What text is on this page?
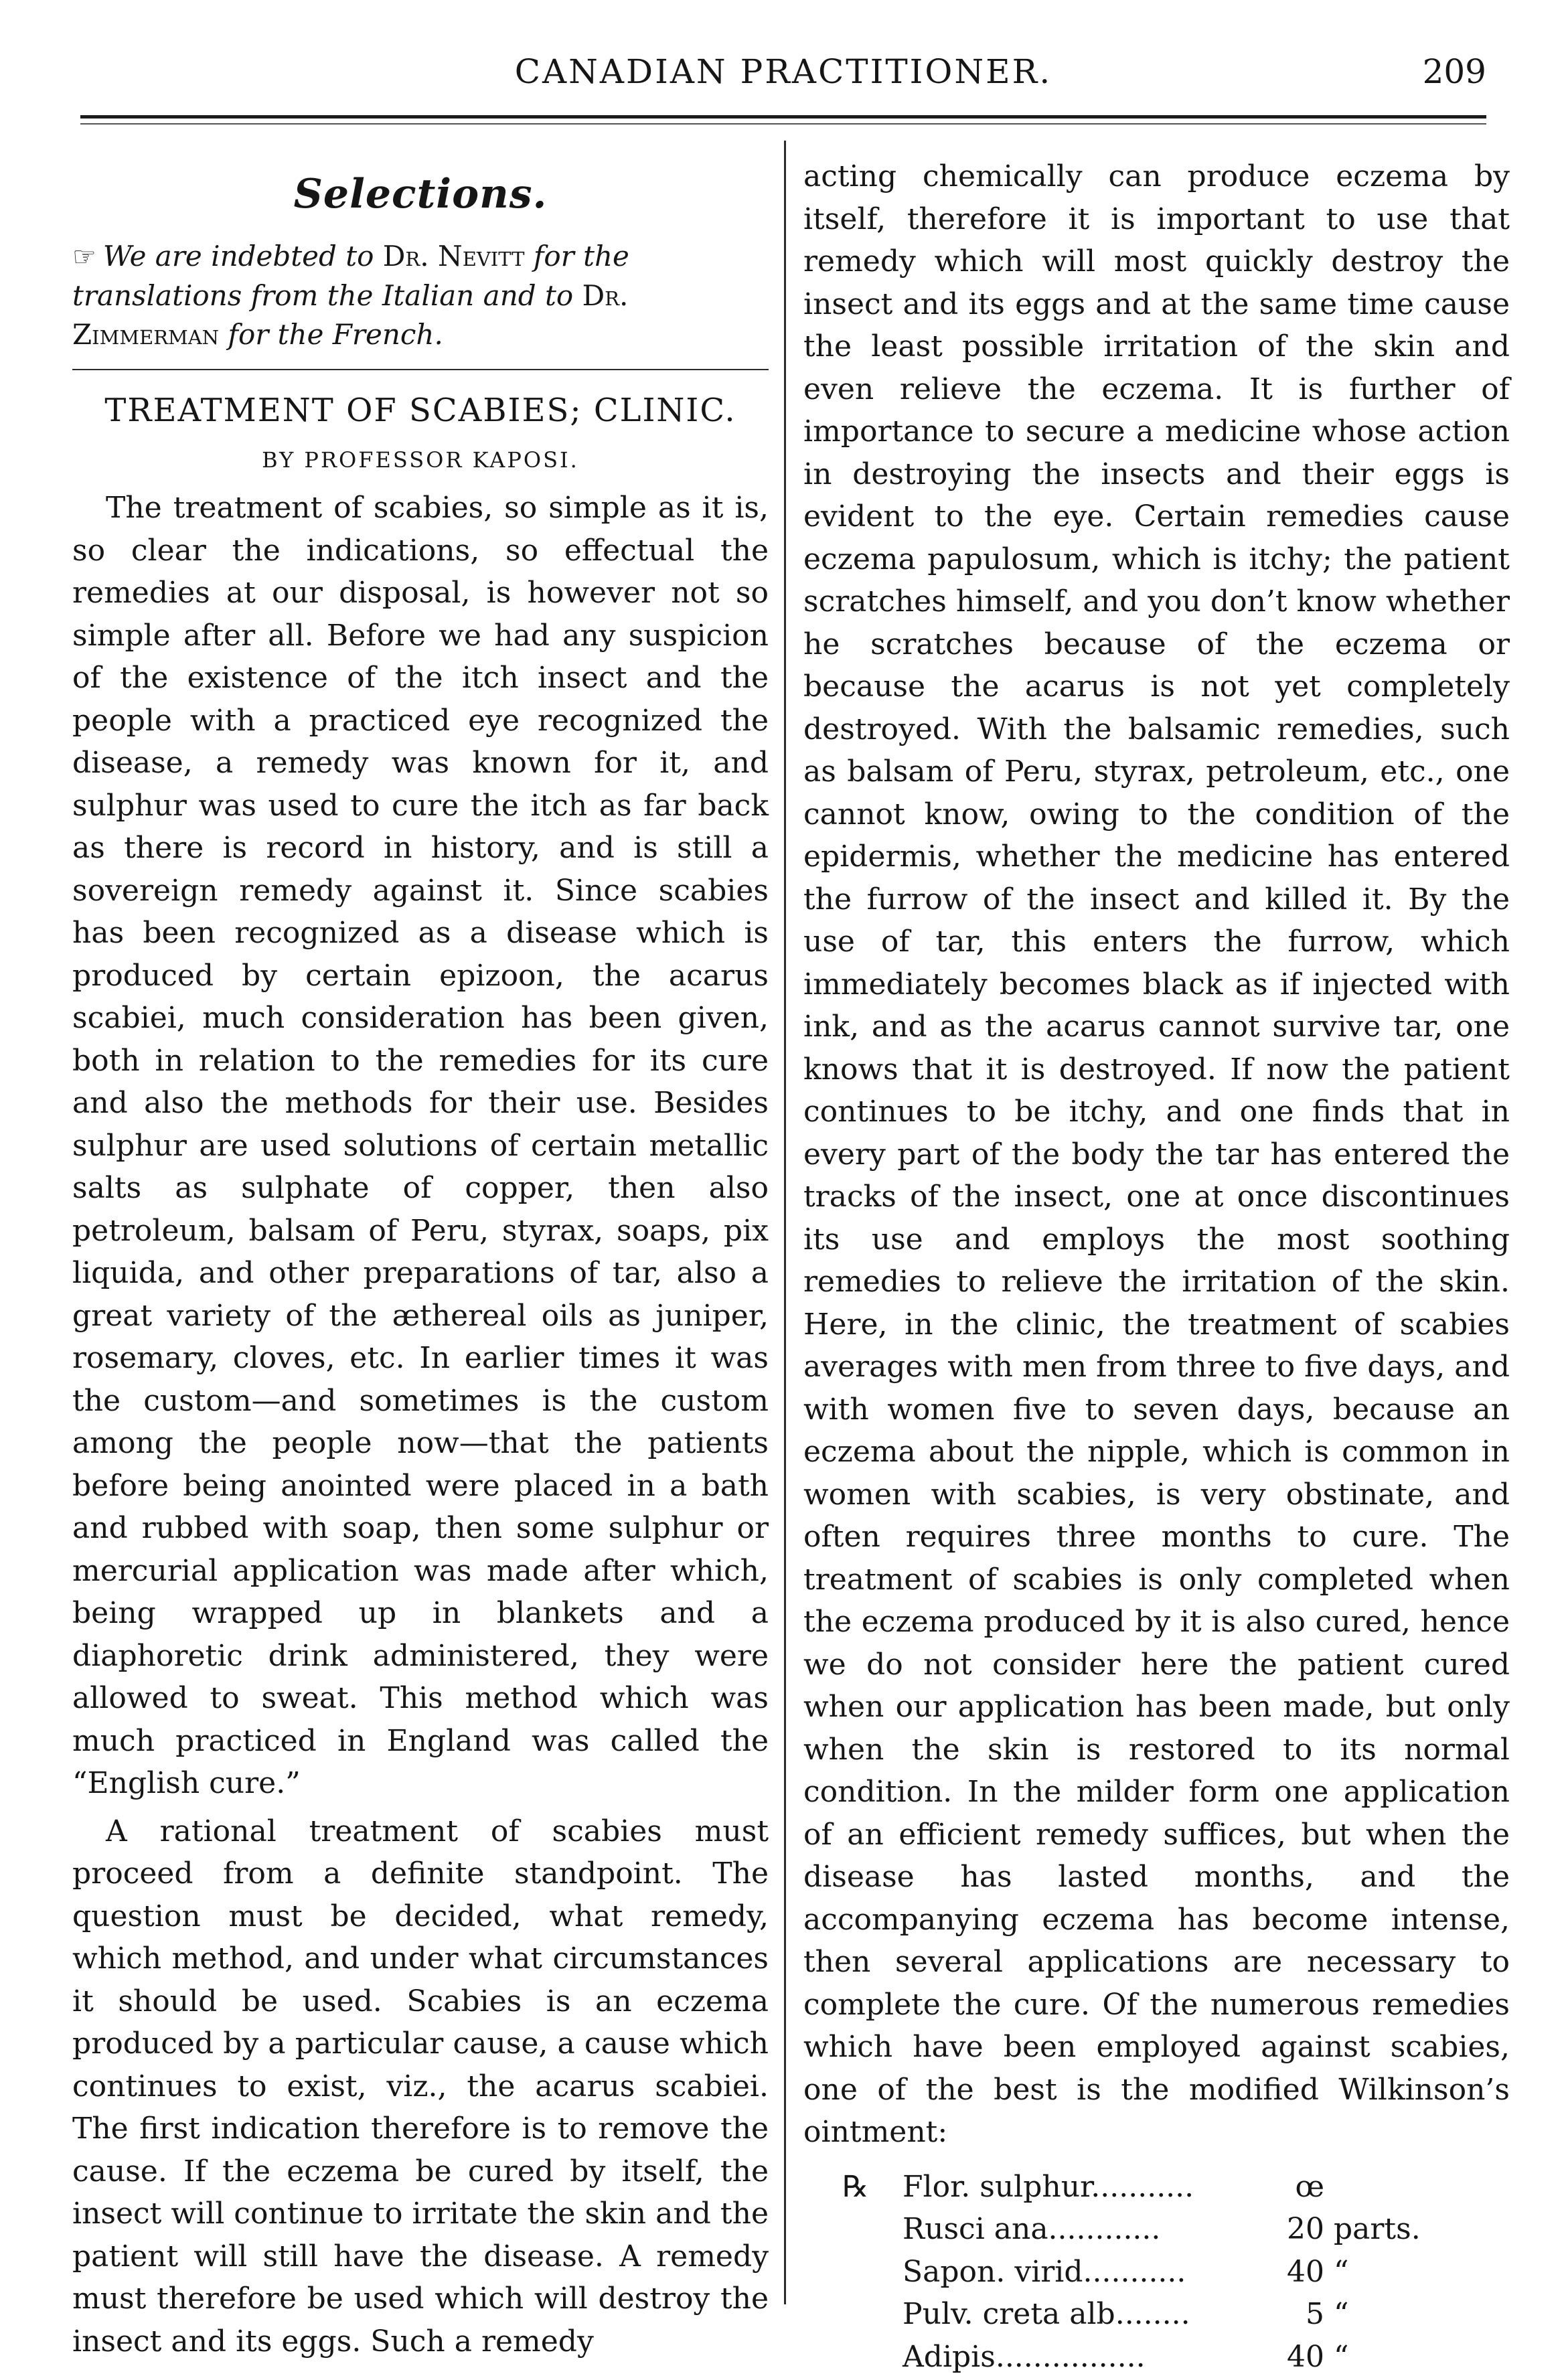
CANADIAN PRACTITIONER.	209
Selections.
☞ We are indebted to Dr. Nevitt for the translations from the Italian and to Dr. Zimmerman for the French.
TREATMENT OF SCABIES; CLINIC.
BY PROFESSOR KAPOSI.

The treatment of scabies, so simple as it is, so clear the indications, so effectual the remedies at our disposal, is however not so simple after all. Before we had any suspicion of the existence of the itch insect and the people with a practiced eye recognized the disease, a remedy was known for it, and sulphur was used to cure the itch as far back as there is record in history, and is still a sovereign remedy against it. Since scabies has been recognized as a disease which is produced by certain epizoon, the acarus scabiei, much consideration has been given, both in relation to the remedies for its cure and also the methods for their use. Besides sulphur are used solutions of certain metallic salts as sulphate of copper, then also petroleum, balsam of Peru, styrax, soaps, pix liquida, and other preparations of tar, also a great variety of the æthereal oils as juniper, rosemary, cloves, etc. In earlier times it was the custom—and sometimes is the custom among the people now—that the patients before being anointed were placed in a bath and rubbed with soap, then some sulphur or mercurial application was made after which, being wrapped up in blankets and a diaphoretic drink administered, they were allowed to sweat. This method which was much practiced in England was called the “English cure.”

A rational treatment of scabies must proceed from a definite standpoint. The question must be decided, what remedy, which method, and under what circumstances it should be used. Scabies is an eczema produced by a particular cause, a cause which continues to exist, viz., the acarus scabiei. The first indication therefore is to remove the cause. If the eczema be cured by itself, the insect will continue to irritate the skin and the patient will still have the disease. A remedy must therefore be used which will destroy the insect and its eggs. Such a remedy

acting chemically can produce eczema by itself, therefore it is important to use that remedy which will most quickly destroy the insect and its eggs and at the same time cause the least possible irritation of the skin and even relieve the eczema. It is further of importance to secure a medicine whose action in destroying the insects and their eggs is evident to the eye. Certain remedies cause eczema papulosum, which is itchy; the patient scratches himself, and you don’t know whether he scratches because of the eczema or because the acarus is not yet completely destroyed. With the balsamic remedies, such as balsam of Peru, styrax, petroleum, etc., one cannot know, owing to the condition of the epidermis, whether the medicine has entered the furrow of the insect and killed it. By the use of tar, this enters the furrow, which immediately becomes black as if injected with ink, and as the acarus cannot survive tar, one knows that it is destroyed. If now the patient continues to be itchy, and one finds that in every part of the body the tar has entered the tracks of the insect, one at once discontinues its use and employs the most soothing remedies to relieve the irritation of the skin. Here, in the clinic, the treatment of scabies averages with men from three to five days, and with women five to seven days, because an eczema about the nipple, which is common in women with scabies, is very obstinate, and often requires three months to cure. The treatment of scabies is only completed when the eczema produced by it is also cured, hence we do not consider here the patient cured when our application has been made, but only when the skin is restored to its normal condition. In the milder form one application of an efficient remedy suffices, but when the disease has lasted months, and the accompanying eczema has become intense, then several applications are necessary to complete the cure. Of the numerous remedies which have been employed against scabies, one of the best is the modified Wilkinson’s ointment:

℞	Flor. sulphur...........	œ
Rusci ana............	20 parts.
Sapon. virid...........	40 “
Pulv. creta alb........	5 “
Adipis................	40 “
